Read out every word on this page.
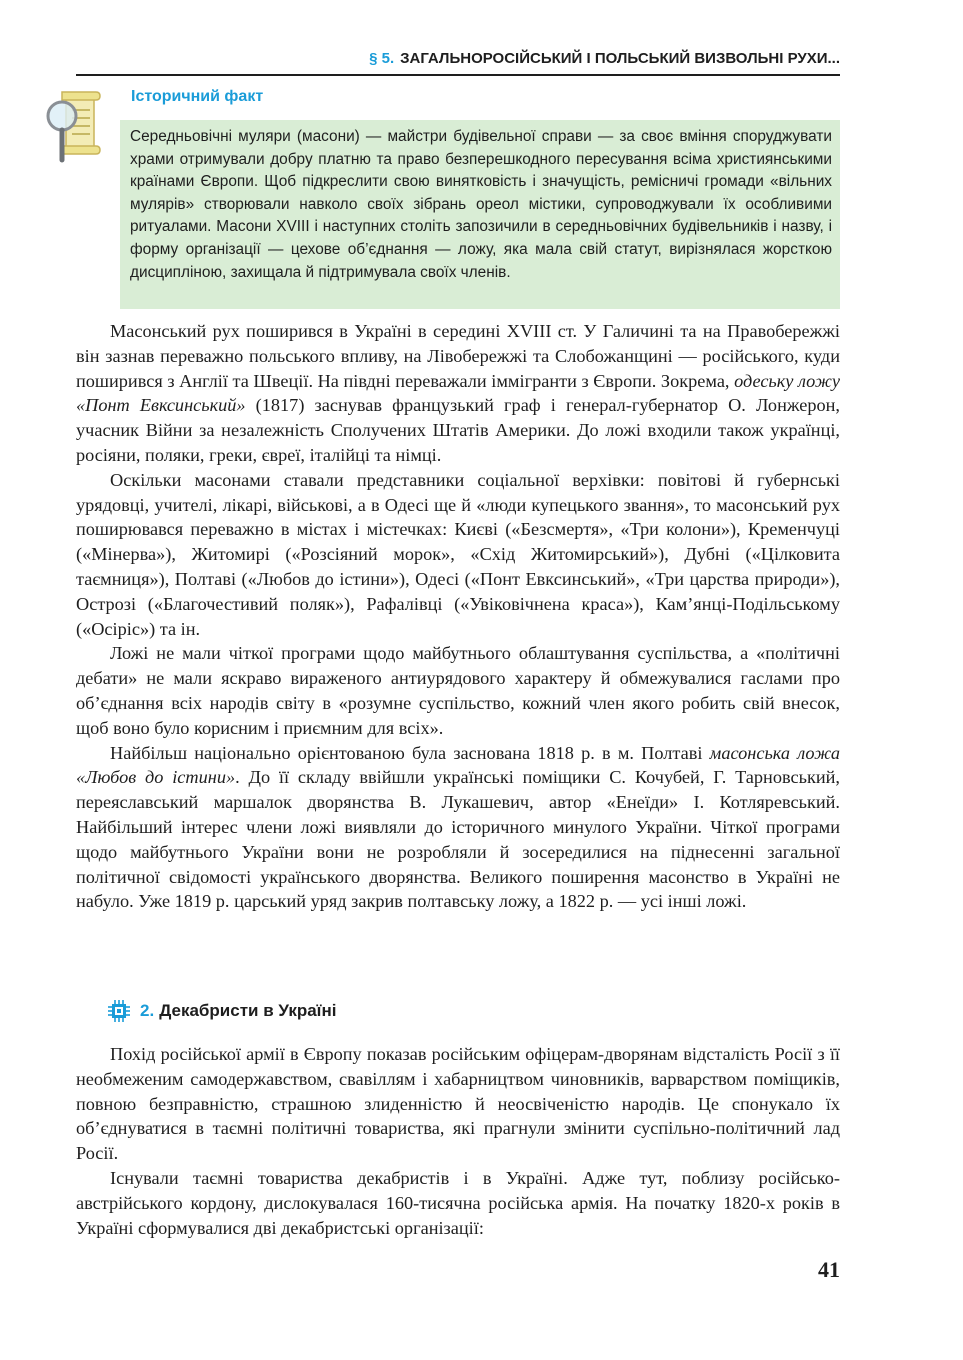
§ 5. ЗАГАЛЬНОРОСІЙСЬКИЙ І ПОЛЬСЬКИЙ ВИЗВОЛЬНІ РУХИ...
Історичний факт
Середньовічні муляри (масони) — майстри будівельної справи — за своє вміння споруджувати храми отримували добру платню та право безперешкодного пересування всіма християнськими країнами Європи. Щоб підкреслити свою винятковість і значущість, ремісничі громади «вільних мулярів» створювали навколо своїх зібрань ореол містики, супроводжували їх особливими ритуалами. Масони XVIII і наступних століть запозичили в середньовічних будівельників і назву, і форму організації — цехове об’єднання — ложу, яка мала свій статут, вирізнялася жорсткою дисципліною, захищала й підтримувала своїх членів.

Масонський рух поширився в Україні в середині XVIII ст. У Галичині та на Правобережжі він зазнав переважно польського впливу, на Лівобережжі та Слобожанщині — російського, куди поширився з Англії та Швеції. На півдні переважали іммігранти з Європи. Зокрема, одеську ложу «Понт Евксинський» (1817) заснував французький граф і генерал-губернатор О. Лонжерон, учасник Війни за незалежність Сполучених Штатів Америки. До ложі входили також українці, росіяни, поляки, греки, євреї, італійці та німці.

Оскільки масонами ставали представники соціальної верхівки: повітові й губернські урядовці, учителі, лікарі, військові, а в Одесі ще й «люди купецького звання», то масонський рух поширювався переважно в містах і містечках: Києві («Безсмертя», «Три колони»), Кременчуці («Мінерва»), Житомирі («Розсіяний морок», «Схід Житомирський»), Дубні («Цілковита таємниця»), Полтаві («Любов до істини»), Одесі («Понт Евксинський», «Три царства природи»), Острозі («Благочестивий поляк»), Рафалівці («Увіковічнена краса»), Кам’янці-Подільському («Осіріс») та ін.

Ложі не мали чіткої програми щодо майбутнього облаштування суспільства, а «політичні дебати» не мали яскраво вираженого антиурядового характеру й обмежувалися гаслами про об’єднання всіх народів світу в «розумне суспільство, кожний член якого робить свій внесок, щоб воно було корисним і приємним для всіх».

Найбільш національно орієнтованою була заснована 1818 р. в м. Полтаві масонська ложа «Любов до істини». До її складу ввійшли українські поміщики С. Кочубей, Г. Тарновський, переяславський маршалок дворянства В. Лукашевич, автор «Енеїди» І. Котляревський. Найбільший інтерес члени ложі виявляли до історичного минулого України. Чіткої програми щодо майбутнього України вони не розробляли й зосередилися на піднесенні загальної політичної свідомості українського дворянства. Великого поширення масонство в Україні не набуло. Уже 1819 р. царський уряд закрив полтавську ложу, а 1822 р. — усі інші ложі.

2. Декабристи в Україні

Похід російської армії в Європу показав російським офіцерам-дворянам відсталість Росії з її необмеженим самодержавством, свавіллям і хабарництвом чиновників, варварством поміщиків, повною безправністю, страшною злиденністю й неосвіченістю народів. Це спонукало їх об’єднуватися в таємні політичні товариства, які прагнули змінити суспільно-політичний лад Росії.

Існували таємні товариства декабристів і в Україні. Адже тут, поблизу російсько-австрійського кордону, дислокувалася 160-тисячна російська армія. На початку 1820-х років в Україні сформувалися дві декабристські організації:

41
